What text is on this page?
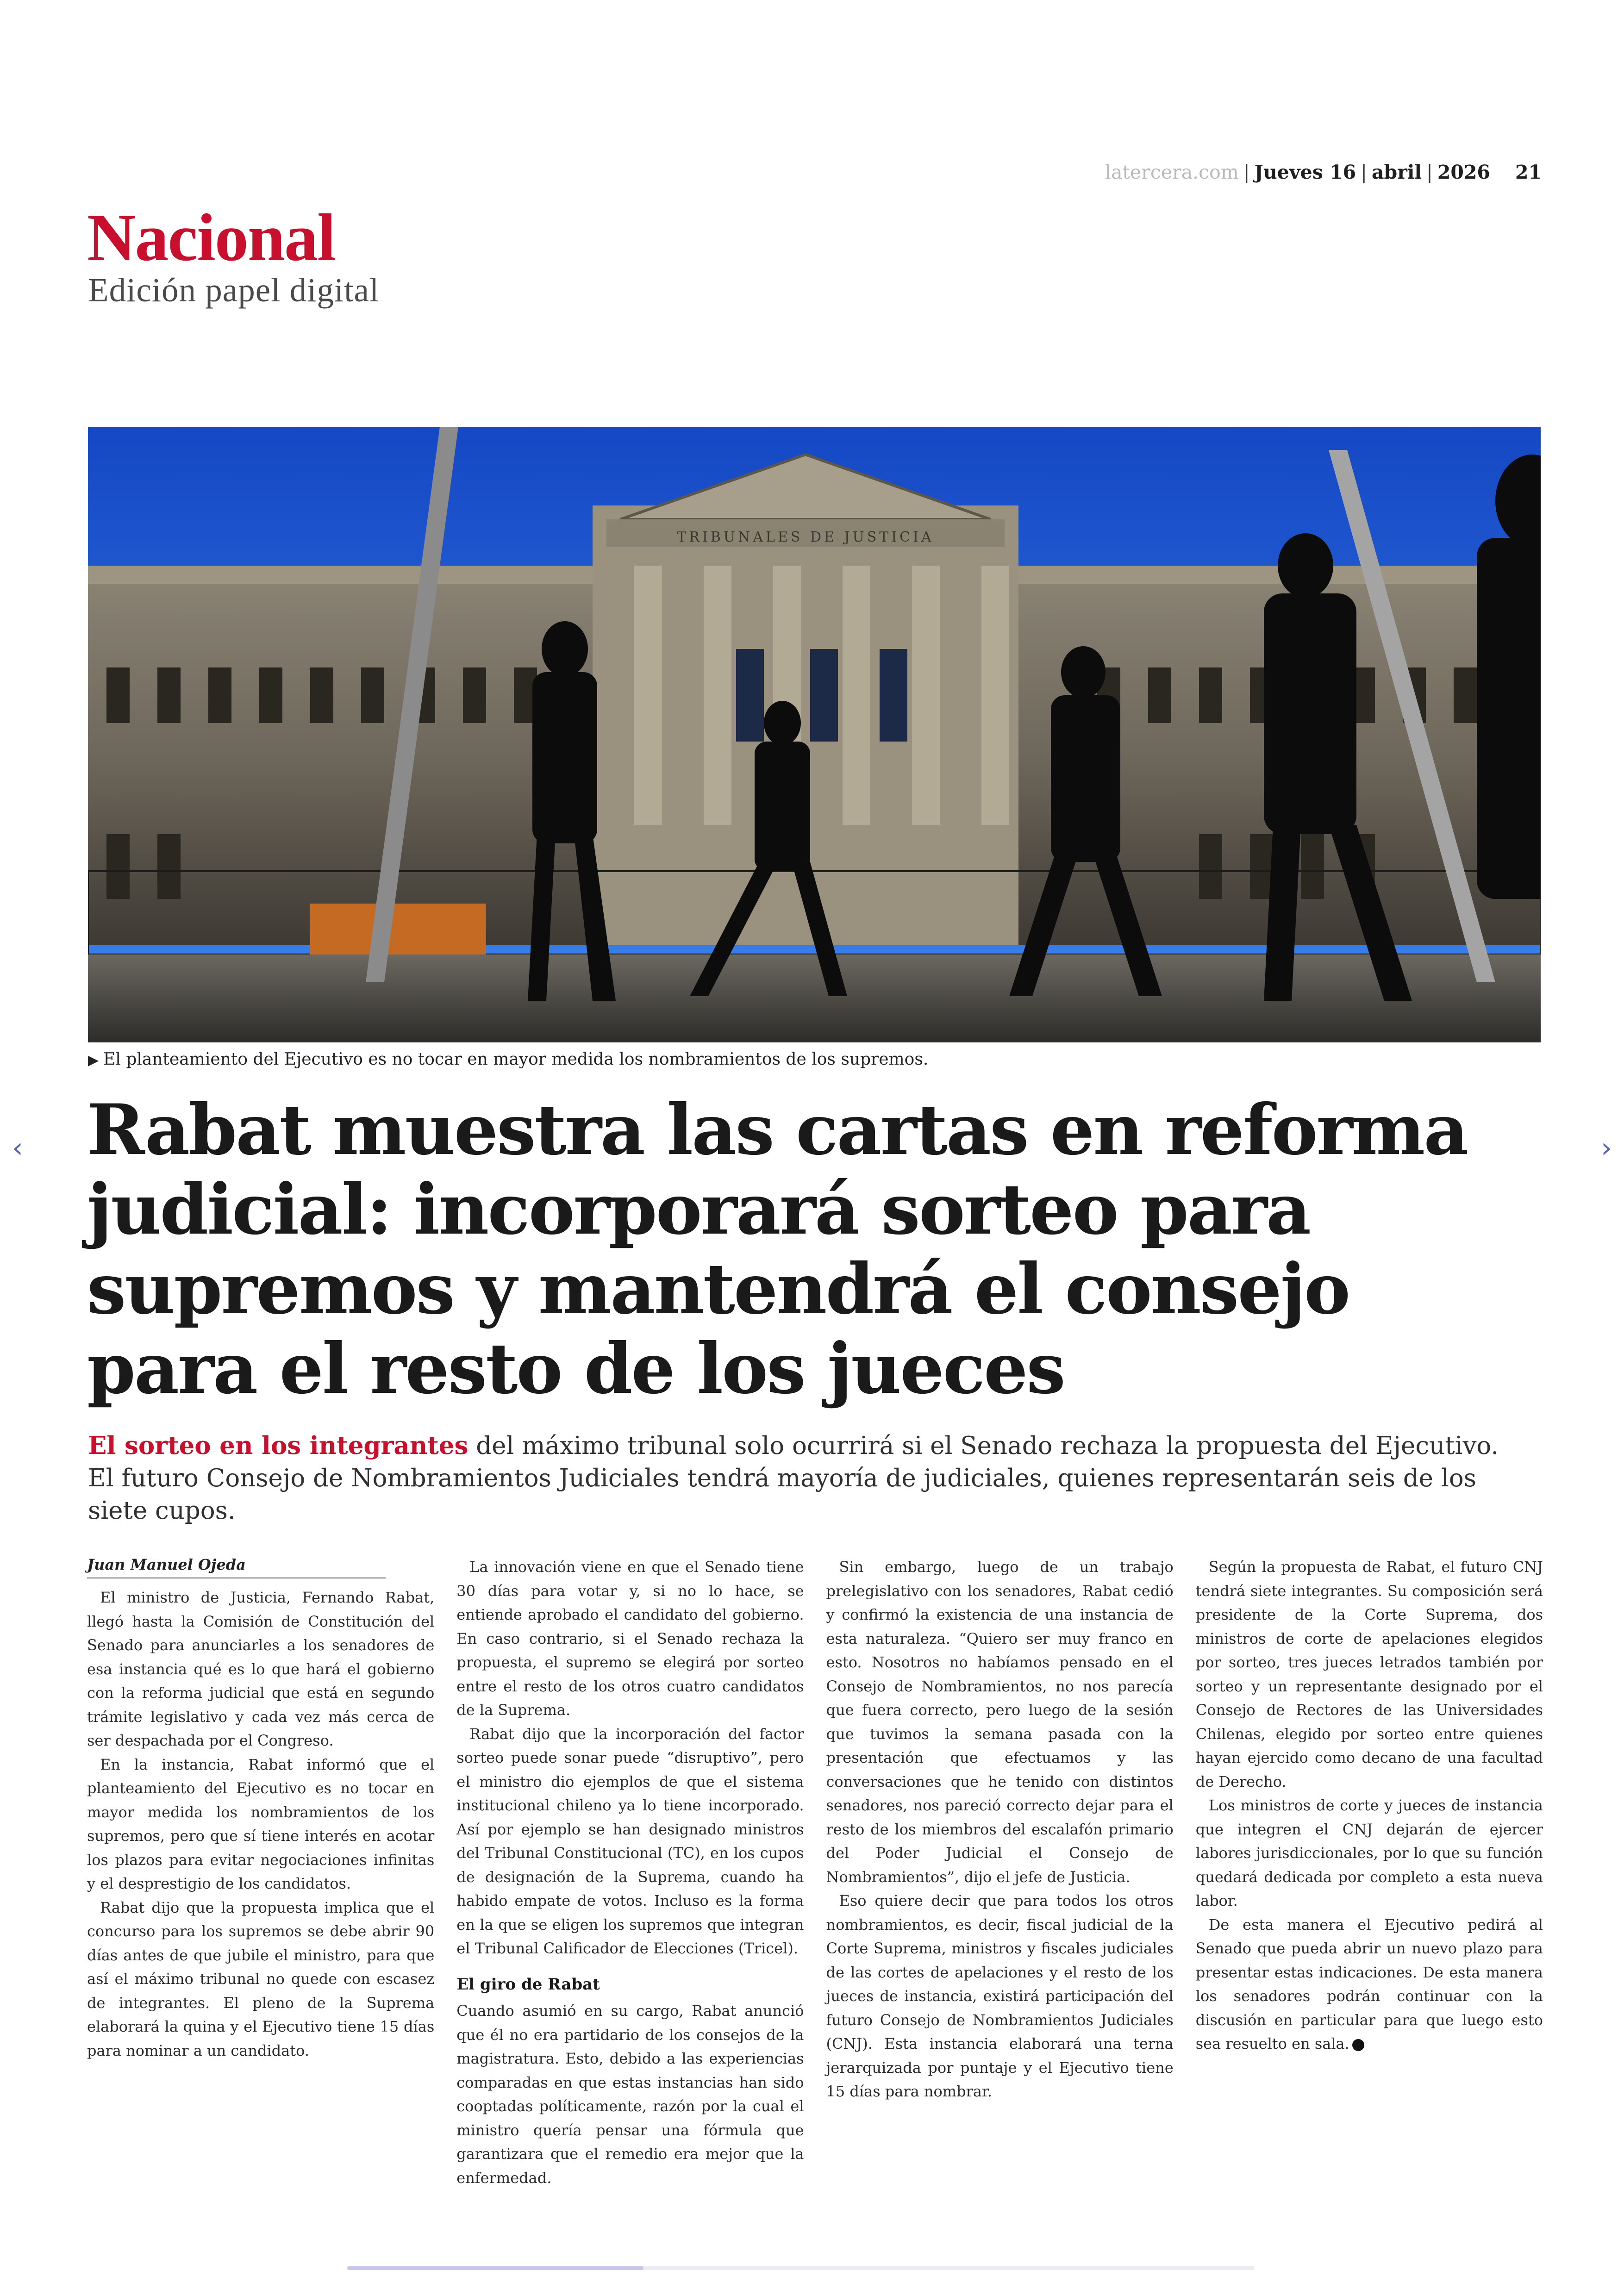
latercera.com | Jueves 16 | abril | 2026 21
Nacional
Edición papel digital
TRIBUNALES DE JUSTICIA
▶ El planteamiento del Ejecutivo es no tocar en mayor medida los nombramientos de los supremos.
‹	›
Rabat muestra las cartas en reforma judicial: incorporará sorteo para supremos y mantendrá el consejo para el resto de los jueces

El sorteo en los integrantes del máximo tribunal solo ocurrirá si el Senado rechaza la propuesta del Ejecutivo. El futuro Consejo de Nombramientos Judiciales tendrá mayoría de judiciales, quienes representarán seis de los siete cupos.

Juan Manuel Ojeda

El ministro de Justicia, Fernando Rabat, llegó hasta la Comisión de Constitución del Senado para anunciarles a los senadores de esa instancia qué es lo que hará el gobierno con la reforma judicial que está en segundo trámite legislativo y cada vez más cerca de ser despachada por el Congreso.

En la instancia, Rabat informó que el planteamiento del Ejecutivo es no tocar en mayor medida los nombramientos de los supremos, pero que sí tiene interés en acotar los plazos para evitar negociaciones infinitas y el desprestigio de los candidatos.

Rabat dijo que la propuesta implica que el concurso para los supremos se debe abrir 90 días antes de que jubile el ministro, para que así el máximo tribunal no quede con escasez de integrantes. El pleno de la Suprema elaborará la quina y el Ejecutivo tiene 15 días para nominar a un candidato.

La innovación viene en que el Senado tiene 30 días para votar y, si no lo hace, se entiende aprobado el candidato del gobierno. En caso contrario, si el Senado rechaza la propuesta, el supremo se elegirá por sorteo entre el resto de los otros cuatro candidatos de la Suprema.

Rabat dijo que la incorporación del factor sorteo puede sonar puede “disruptivo”, pero el ministro dio ejemplos de que el sistema institucional chileno ya lo tiene incorporado. Así por ejemplo se han designado ministros del Tribunal Constitucional (TC), en los cupos de designación de la Suprema, cuando ha habido empate de votos. Incluso es la forma en la que se eligen los supremos que integran el Tribunal Calificador de Elecciones (Tricel).

El giro de Rabat

Cuando asumió en su cargo, Rabat anunció que él no era partidario de los consejos de la magistratura. Esto, debido a las experiencias comparadas en que estas instancias han sido cooptadas políticamente, razón por la cual el ministro quería pensar una fórmula que garantizara que el remedio era mejor que la enfermedad.

Sin embargo, luego de un trabajo prelegislativo con los senadores, Rabat cedió y confirmó la existencia de una instancia de esta naturaleza. “Quiero ser muy franco en esto. Nosotros no habíamos pensado en el Consejo de Nombramientos, no nos parecía que fuera correcto, pero luego de la sesión que tuvimos la semana pasada con la presentación que efectuamos y las conversaciones que he tenido con distintos senadores, nos pareció correcto dejar para el resto de los miembros del escalafón primario del Poder Judicial el Consejo de Nombramientos”, dijo el jefe de Justicia.

Eso quiere decir que para todos los otros nombramientos, es decir, fiscal judicial de la Corte Suprema, ministros y fiscales judiciales de las cortes de apelaciones y el resto de los jueces de instancia, existirá participación del futuro Consejo de Nombramientos Judiciales (CNJ). Esta instancia elaborará una terna jerarquizada por puntaje y el Ejecutivo tiene 15 días para nombrar.

Según la propuesta de Rabat, el futuro CNJ tendrá siete integrantes. Su composición será presidente de la Corte Suprema, dos ministros de corte de apelaciones elegidos por sorteo, tres jueces letrados también por sorteo y un representante designado por el Consejo de Rectores de las Universidades Chilenas, elegido por sorteo entre quienes hayan ejercido como decano de una facultad de Derecho.

Los ministros de corte y jueces de instancia que integren el CNJ dejarán de ejercer labores jurisdiccionales, por lo que su función quedará dedicada por completo a esta nueva labor.

De esta manera el Ejecutivo pedirá al Senado que pueda abrir un nuevo plazo para presentar estas indicaciones. De esta manera los senadores podrán continuar con la discusión en particular para que luego esto sea resuelto en sala.
